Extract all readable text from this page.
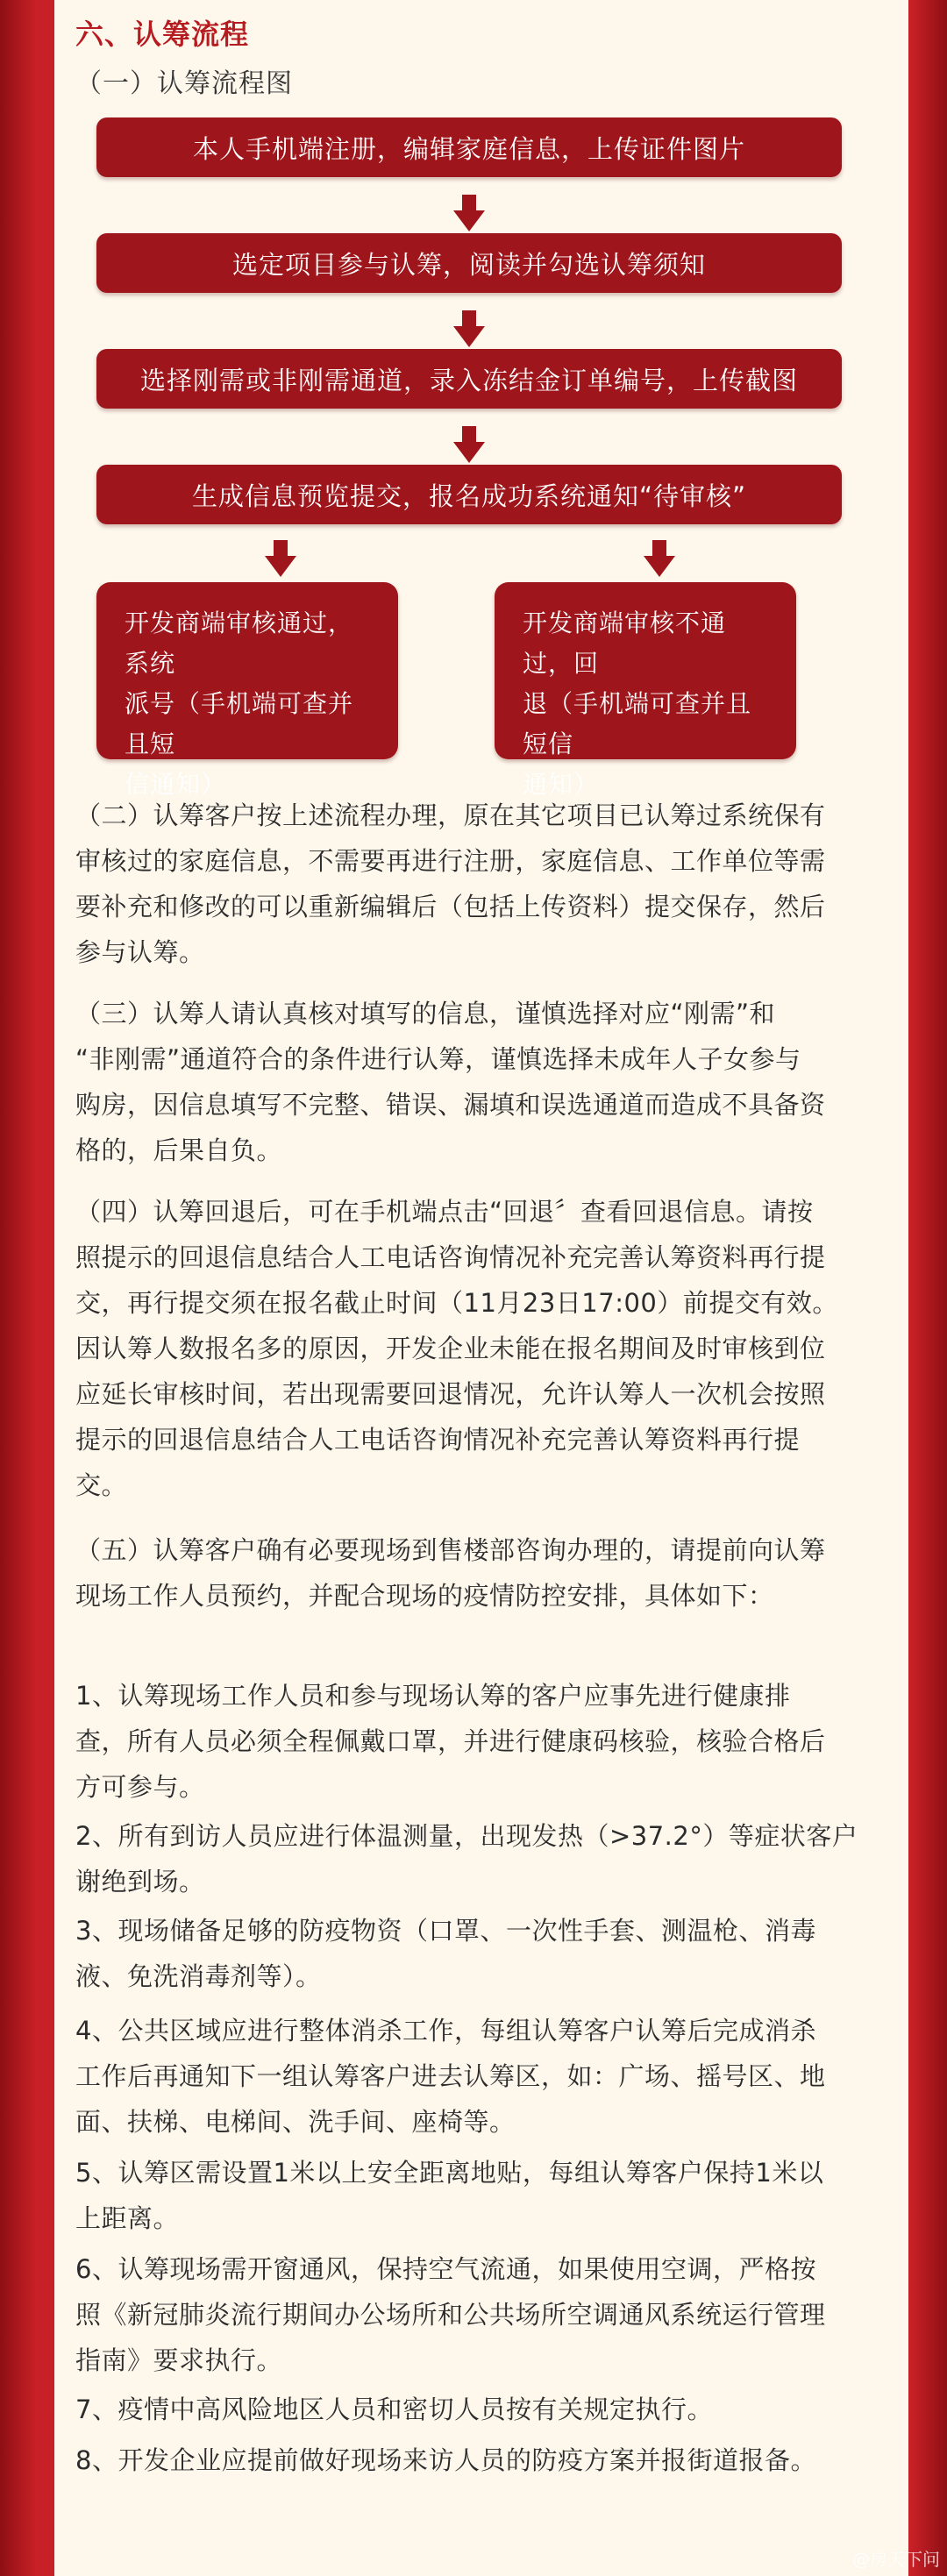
六、认筹流程
（一）认筹流程图
本人手机端注册，编辑家庭信息，上传证件图片
选定项目参与认筹，阅读并勾选认筹须知
选择刚需或非刚需通道，录入冻结金订单编号，上传截图
生成信息预览提交，报名成功系统通知“待审核”
开发商端审核通过，系统
派号（手机端可查并且短
信通知）
开发商端审核不通过，回
退（手机端可查并且短信
通知）
（二）认筹客户按上述流程办理，原在其它项目已认筹过系统保有
审核过的家庭信息，不需要再进行注册，家庭信息、工作单位等需
要补充和修改的可以重新编辑后（包括上传资料）提交保存，然后
参与认筹。
（三）认筹人请认真核对填写的信息，谨慎选择对应“刚需”和
“非刚需”通道符合的条件进行认筹，谨慎选择未成年人子女参与
购房，因信息填写不完整、错误、漏填和误选通道而造成不具备资
格的，后果自负。
（四）认筹回退后，可在手机端点击“回退〞查看回退信息。请按
照提示的回退信息结合人工电话咨询情况补充完善认筹资料再行提
交，再行提交须在报名截止时间（11月23日17:00）前提交有效。
因认筹人数报名多的原因，开发企业未能在报名期间及时审核到位
应延长审核时间，若出现需要回退情况，允许认筹人一次机会按照
提示的回退信息结合人工电话咨询情况补充完善认筹资料再行提
交。
（五）认筹客户确有必要现场到售楼部咨询办理的，请提前向认筹
现场工作人员预约，并配合现场的疫情防控安排，具体如下：
1、认筹现场工作人员和参与现场认筹的客户应事先进行健康排
查，所有人员必须全程佩戴口罩，并进行健康码核验，核验合格后
方可参与。
2、所有到访人员应进行体温测量，出现发热（>37.2°）等症状客户
谢绝到场。
3、现场储备足够的防疫物资（口罩、一次性手套、测温枪、消毒
液、免洗消毒剂等）。
4、公共区域应进行整体消杀工作，每组认筹客户认筹后完成消杀
工作后再通知下一组认筹客户进去认筹区，如：广场、摇号区、地
面、扶梯、电梯间、洗手间、座椅等。
5、认筹区需设置1米以上安全距离地贴，每组认筹客户保持1米以
上距离。
6、认筹现场需开窗通风，保持空气流通，如果使用空调，严格按
照《新冠肺炎流行期间办公场所和公共场所空调通风系统运行管理
指南》要求执行。
7、疫情中高风险地区人员和密切人员按有关规定执行。
8、开发企业应提前做好现场来访人员的防疫方案并报街道报备。
@房天下问
